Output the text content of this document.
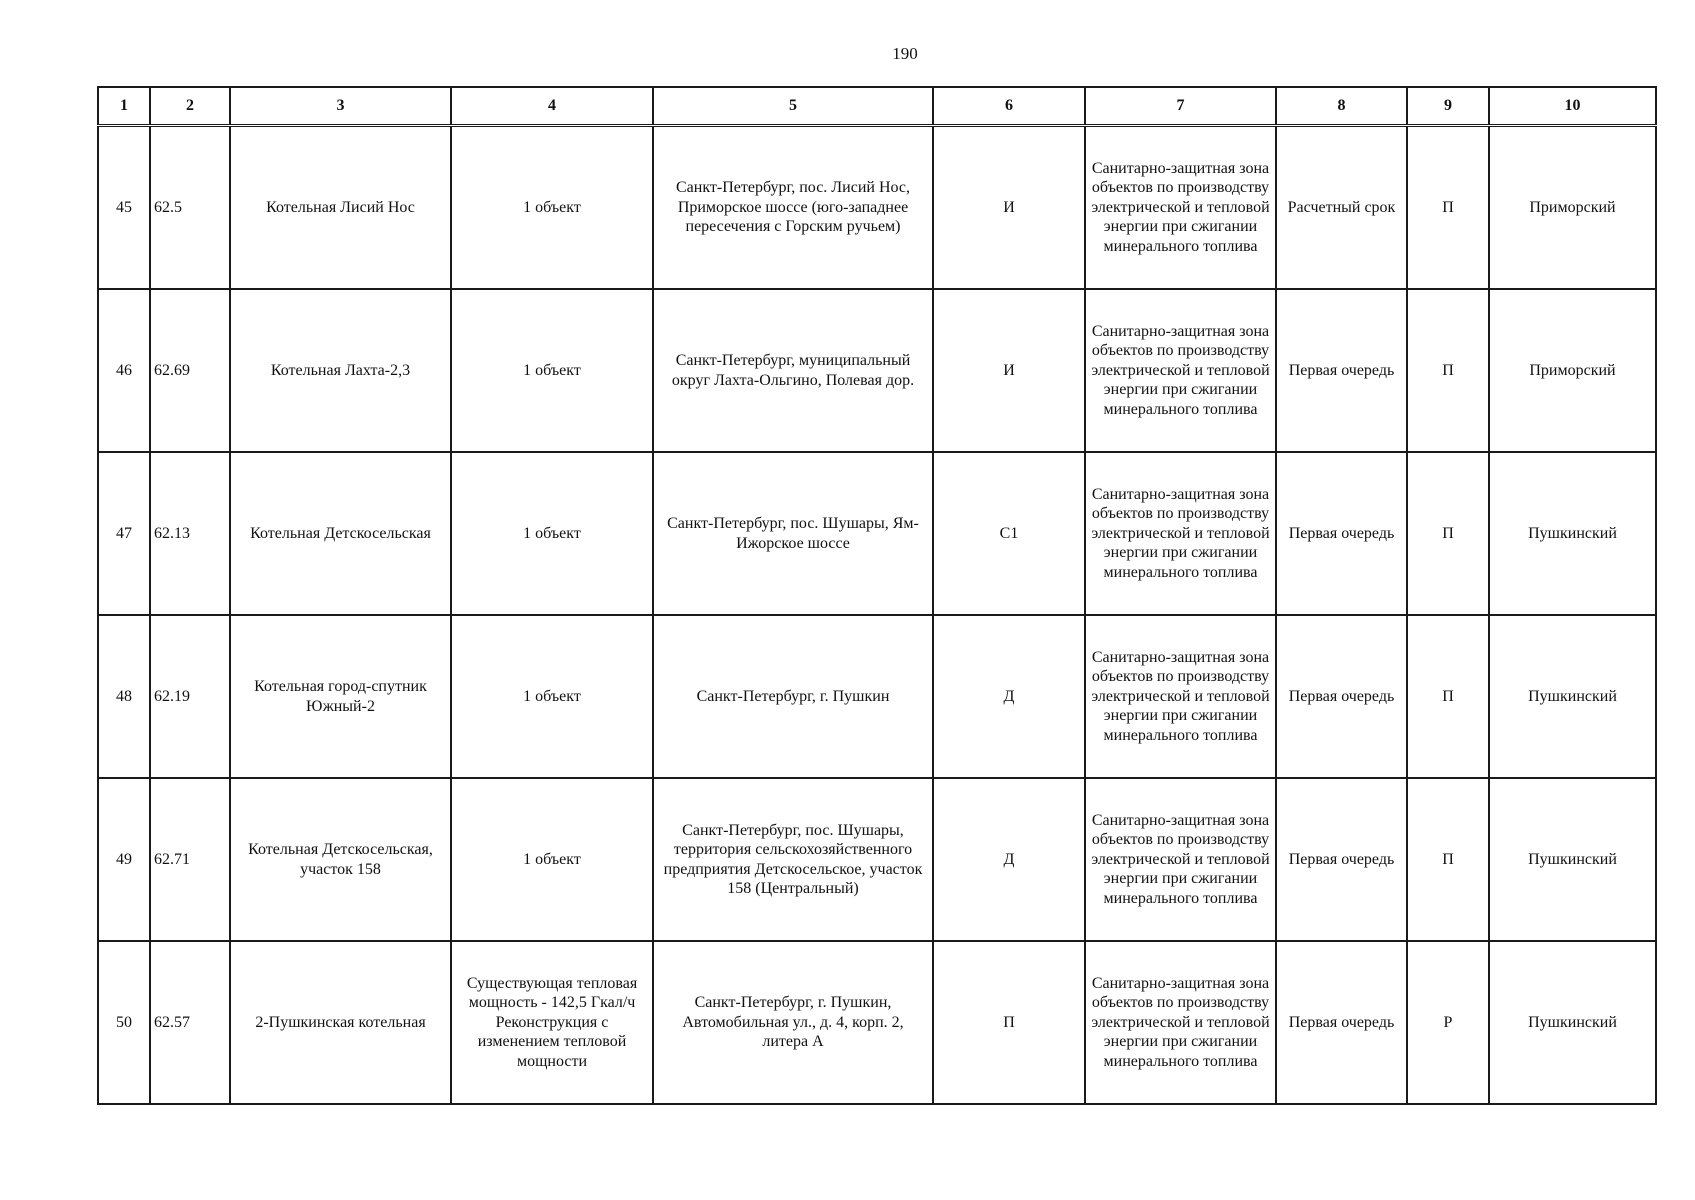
190
1	2	3	4	5	6	7	8	9	10
45	62.5	Котельная Лисий Нос	1 объект	Санкт-Петербург, пос. Лисий Нос, Приморское шоссе (юго-западнее пересечения с Горским ручьем)	И	Санитарно-защитная зона объектов по производству электрической и тепловой энергии при сжигании минерального топлива	Расчетный срок	П	Приморский
46	62.69	Котельная Лахта-2,3	1 объект	Санкт-Петербург, муниципальный округ Лахта-Ольгино, Полевая дор.	И	Санитарно-защитная зона объектов по производству электрической и тепловой энергии при сжигании минерального топлива	Первая очередь	П	Приморский
47	62.13	Котельная Детскосельская	1 объект	Санкт-Петербург, пос. Шушары, Ям-Ижорское шоссе	С1	Санитарно-защитная зона объектов по производству электрической и тепловой энергии при сжигании минерального топлива	Первая очередь	П	Пушкинский
48	62.19	Котельная город-спутник Южный-2	1 объект	Санкт-Петербург, г. Пушкин	Д	Санитарно-защитная зона объектов по производству электрической и тепловой энергии при сжигании минерального топлива	Первая очередь	П	Пушкинский
49	62.71	Котельная Детскосельская, участок 158	1 объект	Санкт-Петербург, пос. Шушары, территория сельскохозяйственного предприятия Детскосельское, участок 158 (Центральный)	Д	Санитарно-защитная зона объектов по производству электрической и тепловой энергии при сжигании минерального топлива	Первая очередь	П	Пушкинский
50	62.57	2-Пушкинская котельная	Существующая тепловая мощность - 142,5 Гкал/ч Реконструкция с изменением тепловой мощности	Санкт-Петербург, г. Пушкин, Автомобильная ул., д. 4, корп. 2, литера А	П	Санитарно-защитная зона объектов по производству электрической и тепловой энергии при сжигании минерального топлива	Первая очередь	Р	Пушкинский
